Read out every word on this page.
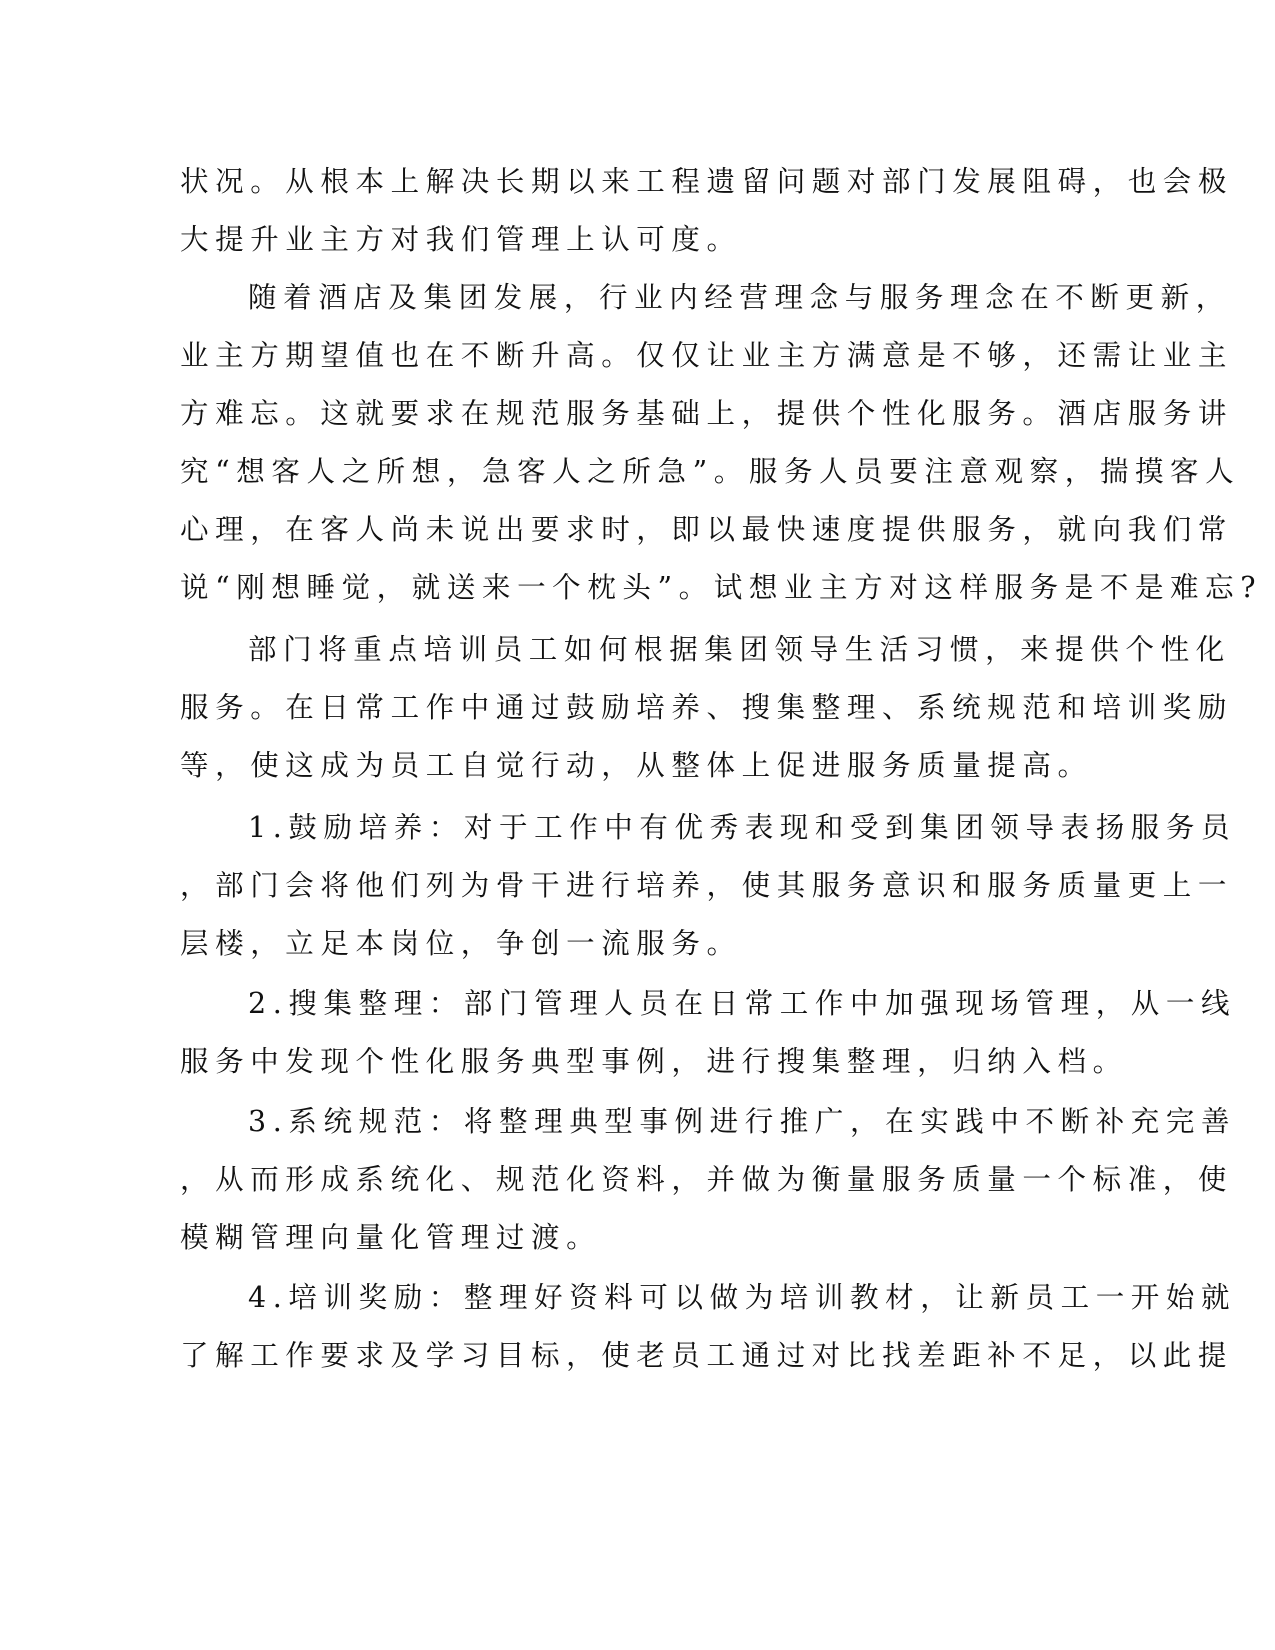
状况。从根本上解决长期以来工程遗留问题对部门发展阻碍，也会极
大提升业主方对我们管理上认可度。
随着酒店及集团发展，行业内经营理念与服务理念在不断更新，
业主方期望值也在不断升高。仅仅让业主方满意是不够，还需让业主
方难忘。这就要求在规范服务基础上，提供个性化服务。酒店服务讲
究“想客人之所想，急客人之所急”。服务人员要注意观察，揣摸客人
心理，在客人尚未说出要求时，即以最快速度提供服务，就向我们常
说“刚想睡觉，就送来一个枕头”。试想业主方对这样服务是不是难忘?
部门将重点培训员工如何根据集团领导生活习惯，来提供个性化
服务。在日常工作中通过鼓励培养、搜集整理、系统规范和培训奖励
等，使这成为员工自觉行动，从整体上促进服务质量提高。
1.鼓励培养：对于工作中有优秀表现和受到集团领导表扬服务员
，部门会将他们列为骨干进行培养，使其服务意识和服务质量更上一
层楼，立足本岗位，争创一流服务。
2.搜集整理：部门管理人员在日常工作中加强现场管理，从一线
服务中发现个性化服务典型事例，进行搜集整理，归纳入档。
3.系统规范：将整理典型事例进行推广，在实践中不断补充完善
，从而形成系统化、规范化资料，并做为衡量服务质量一个标准，使
模糊管理向量化管理过渡。
4.培训奖励：整理好资料可以做为培训教材，让新员工一开始就
了解工作要求及学习目标，使老员工通过对比找差距补不足，以此提
